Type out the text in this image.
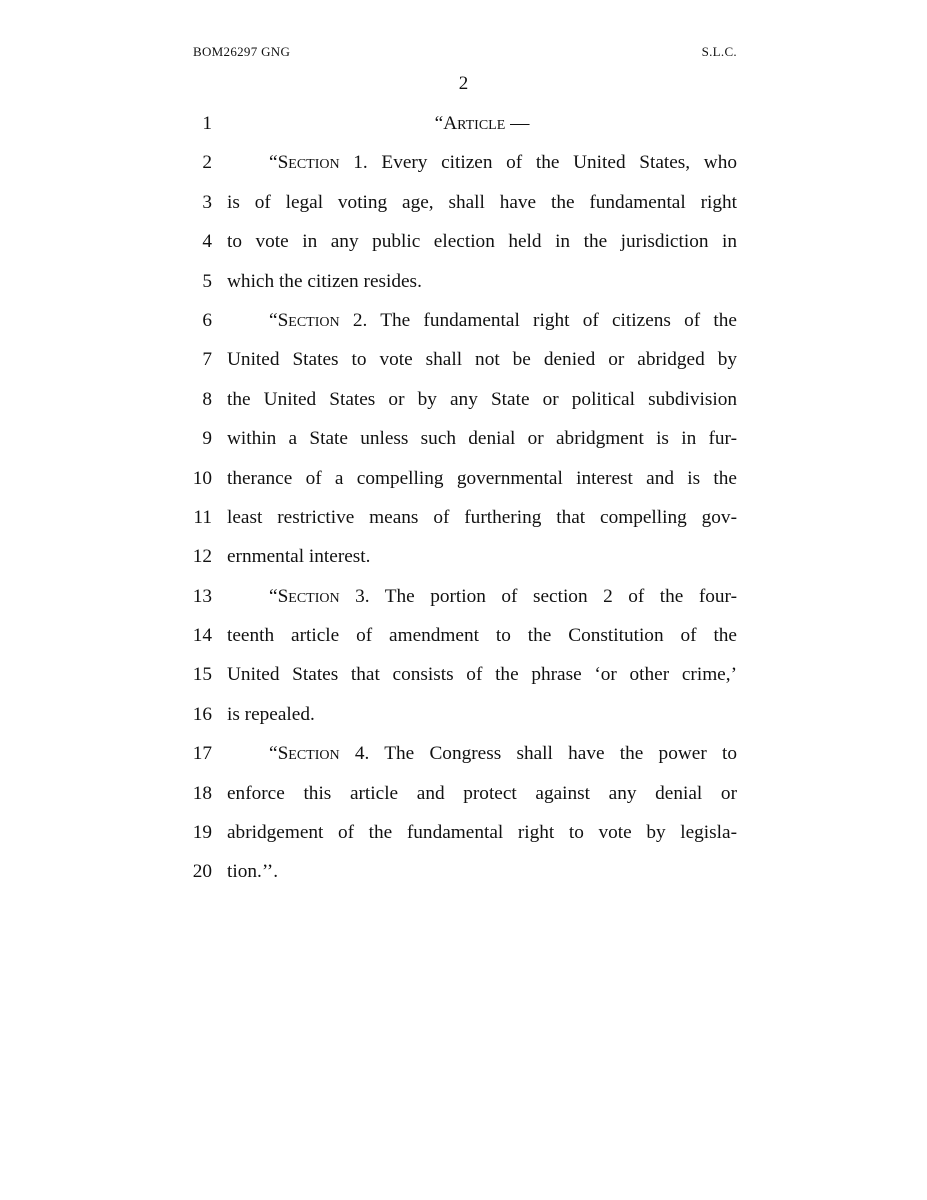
BOM26297 GNG	S.L.C.
2
1	“Article —
2	“Section 1. Every citizen of the United States, who
3 is of legal voting age, shall have the fundamental right
4 to vote in any public election held in the jurisdiction in
5 which the citizen resides.
6	“Section 2. The fundamental right of citizens of the
7 United States to vote shall not be denied or abridged by
8 the United States or by any State or political subdivision
9 within a State unless such denial or abridgment is in fur-
10 therance of a compelling governmental interest and is the
11 least restrictive means of furthering that compelling gov-
12 ernmental interest.
13	“Section 3. The portion of section 2 of the four-
14 teenth article of amendment to the Constitution of the
15 United States that consists of the phrase ‘or other crime,’
16 is repealed.
17	“Section 4. The Congress shall have the power to
18 enforce this article and protect against any denial or
19 abridgement of the fundamental right to vote by legisla-
20 tion.’’.
